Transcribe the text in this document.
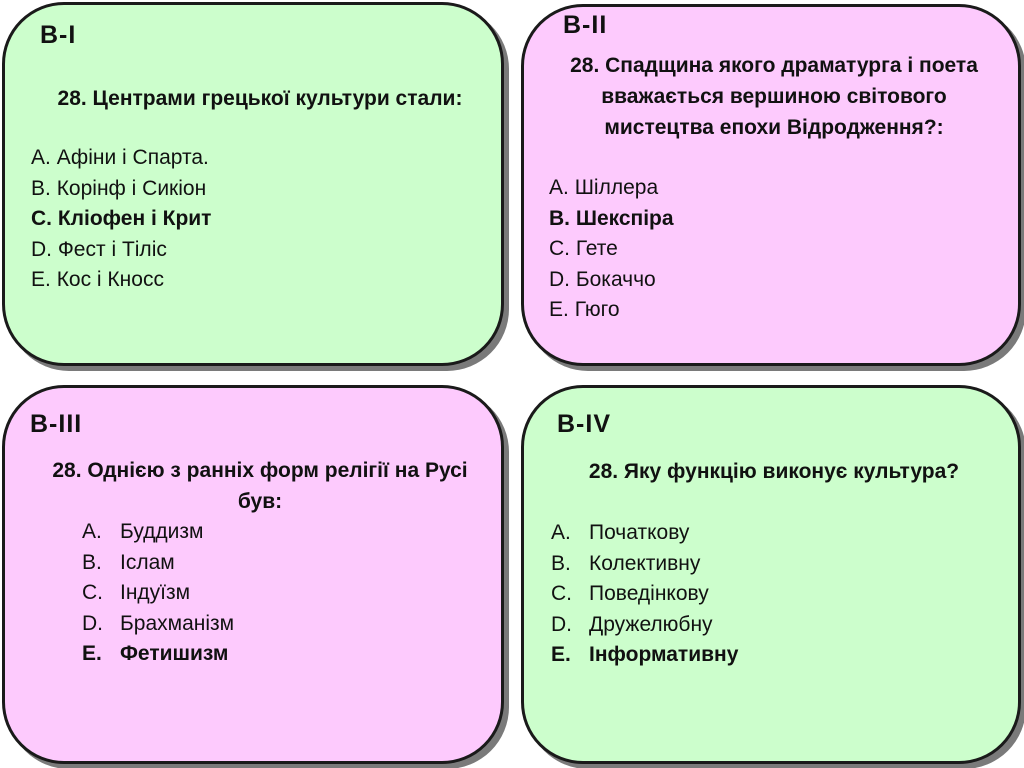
В-І

28. Центрами грецької культури стали:

A. Афіни і Спарта.
B. Корінф і Сикіон
C. Кліофен і Крит
D. Фест і Тіліс
E. Кос і Кносс
В-ІІ

28. Спадщина якого драматурга і поета вважається вершиною світового мистецтва епохи Відродження?:

A. Шіллера
B. Шекспіра
C. Гете
D. Бокаччо
E. Гюго
В-ІІІ

28. Однією з ранніх форм релігії на Русі був:

A. Буддизм
B. Іслам
C. Індуїзм
D. Брахманізм
E. Фетишизм
В-ІV

28. Яку функцію виконує культура?

A. Початкову
B. Колективну
C. Поведінкову
D. Дружелюбну
E. Інформативну
